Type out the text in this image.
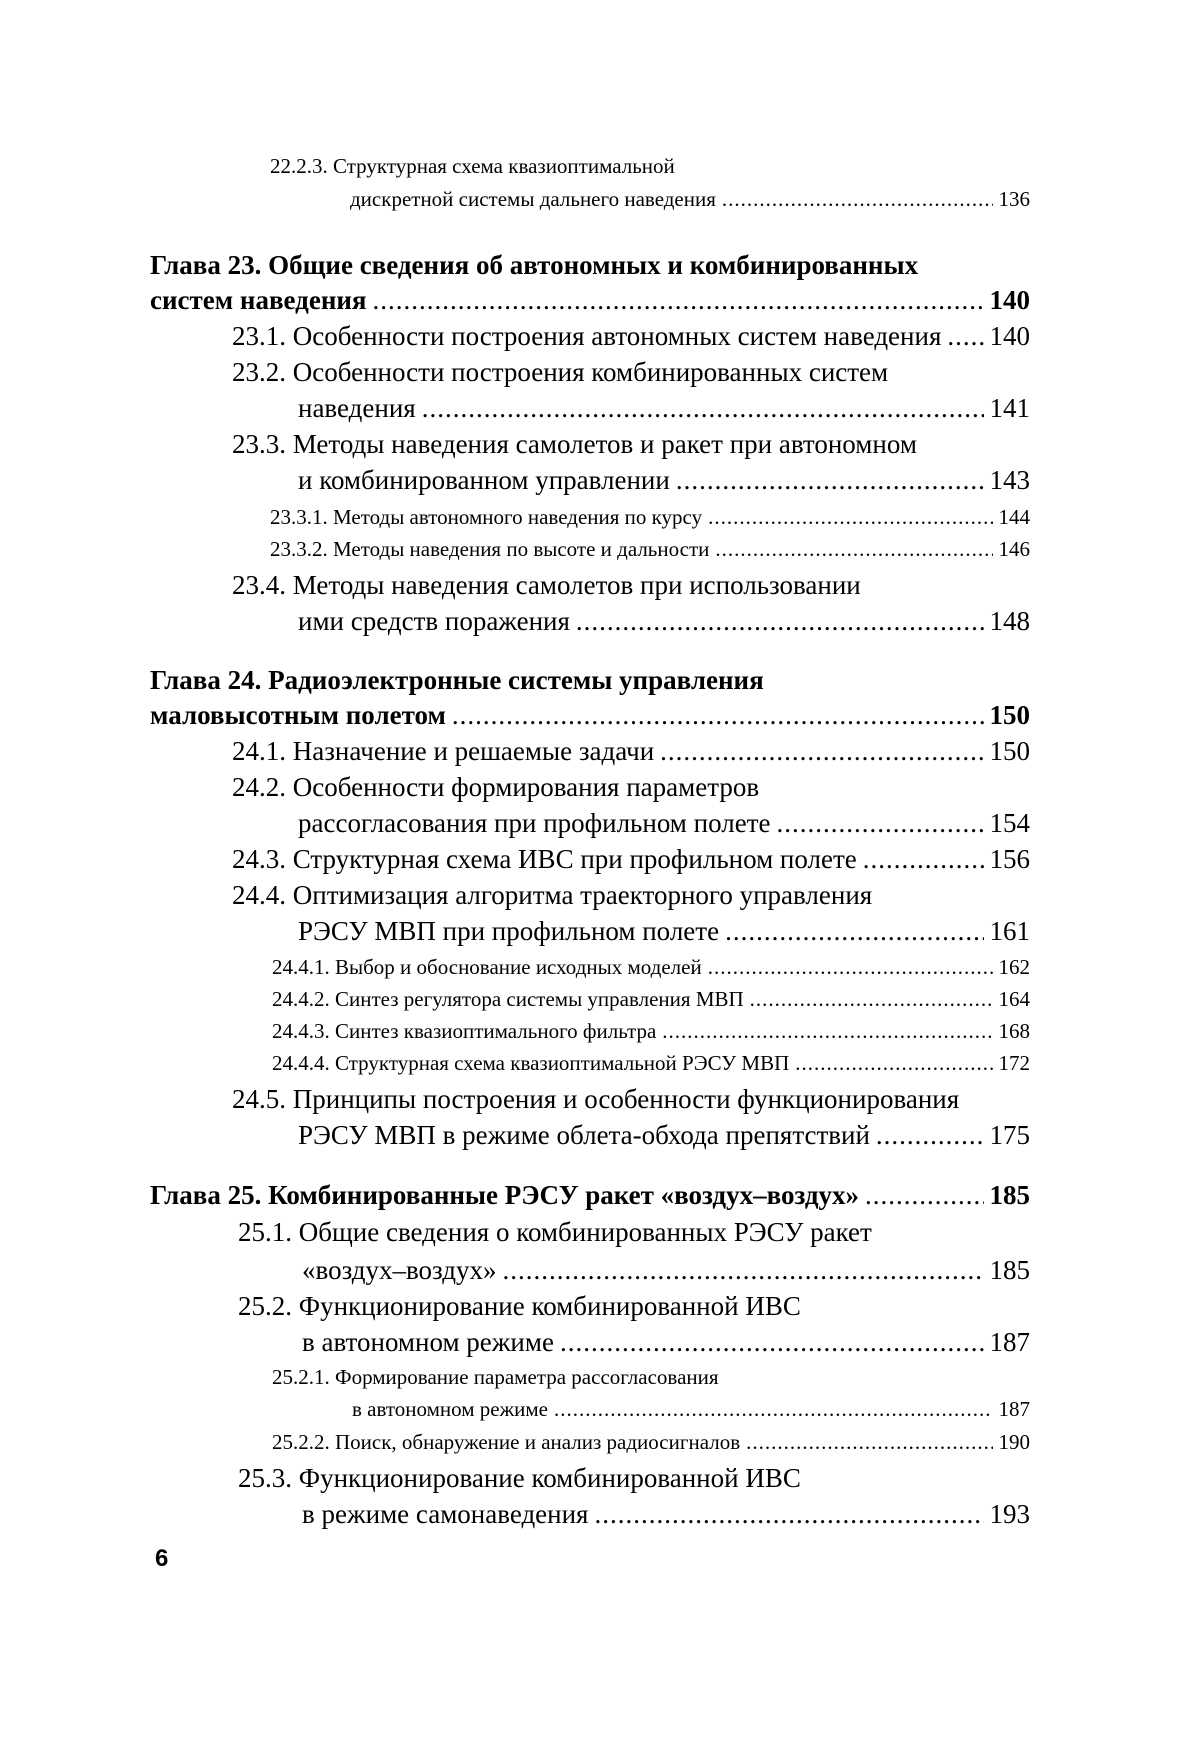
22.2.3. Структурная схема квазиоптимальной
дискретной системы дальнего наведения
.....	136
Глава 23. Общие сведения об автономных и комбинированных
систем наведения
.....	140
23.1. Особенности построения автономных систем наведения
..... 140
23.2. Особенности построения комбинированных систем
наведения
.....	141
23.3. Методы наведения самолетов и ракет при автономном
и комбинированном управлении
.....	143
23.3.1. Методы автономного наведения по курсу
.....	144
23.3.2. Методы наведения по высоте и дальности
.....	146
23.4. Методы наведения самолетов при использовании
ими средств поражения
.....	148
Глава 24. Радиоэлектронные системы управления
маловысотным полетом
.....	150
24.1. Назначение и решаемые задачи
.....	150
24.2. Особенности формирования параметров
рассогласования при профильном полете
.....	154
24.3. Структурная схема ИВС при профильном полете
.....	156
24.4. Оптимизация алгоритма траекторного управления
РЭСУ МВП при профильном полете
.....	161
24.4.1. Выбор и обоснование исходных моделей
.....	162
24.4.2. Синтез регулятора системы управления МВП
.....	164
24.4.3. Синтез квазиоптимального фильтра
.....	168
24.4.4. Структурная схема квазиоптимальной РЭСУ МВП
.....	172
24.5. Принципы построения и особенности функционирования
РЭСУ МВП в режиме облета-обхода препятствий
.....	175
Глава 25. Комбинированные РЭСУ ракет «воздух–воздух»
.....	185
25.1. Общие сведения о комбинированных РЭСУ ракет
«воздух–воздух»
.....	185
25.2. Функционирование комбинированной ИВС
в автономном режиме
.....	187
25.2.1. Формирование параметра рассогласования
в автономном режиме
.....	187
25.2.2. Поиск, обнаружение и анализ радиосигналов
.....	190
25.3. Функционирование комбинированной ИВС
в режиме самонаведения
.....	193
6
